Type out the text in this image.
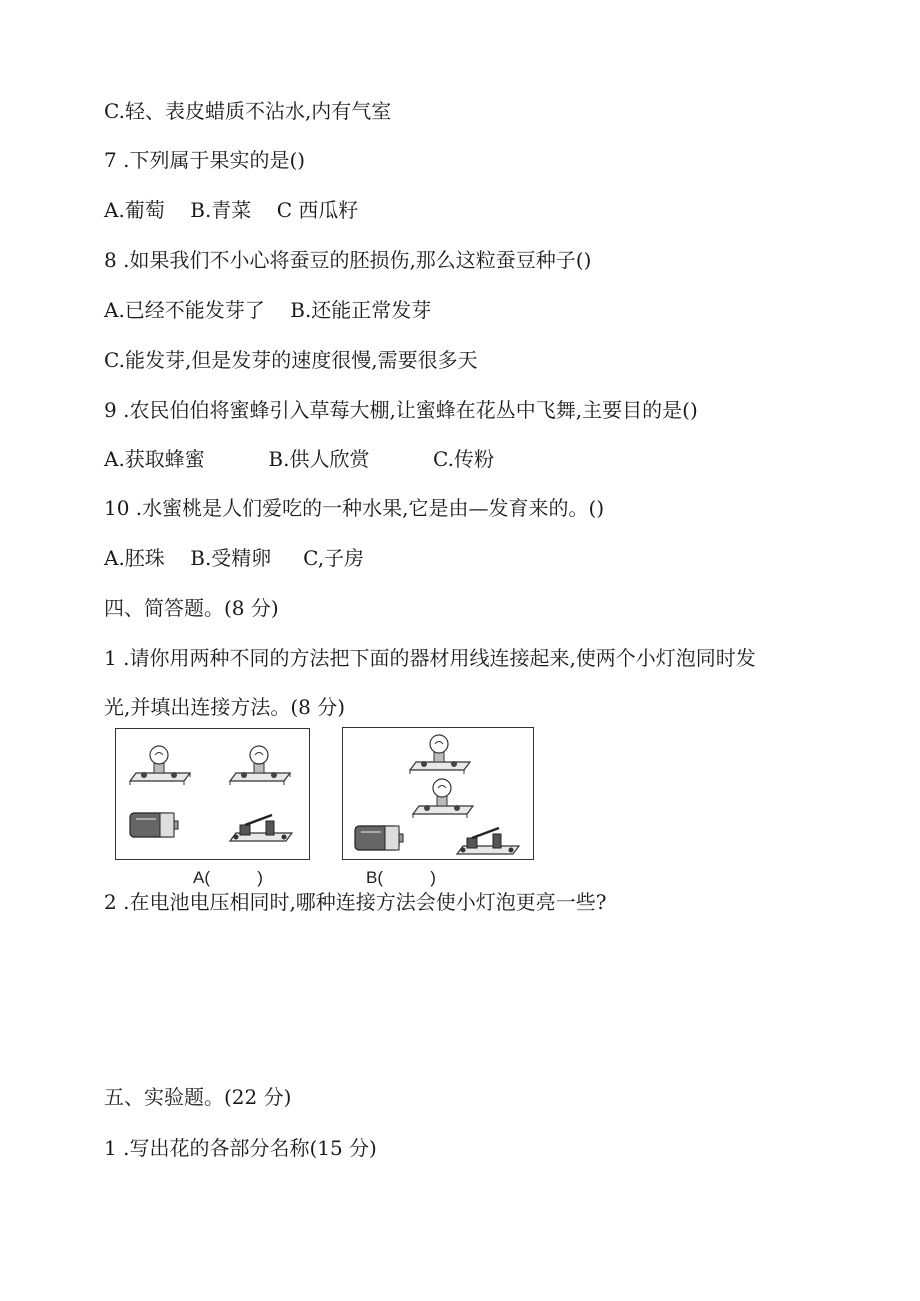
C.轻、表皮蜡质不沾水,内有气室

7 .下列属于果实的是()

A.葡萄 B.青菜 C 西瓜籽

8 .如果我们不小心将蚕豆的胚损伤,那么这粒蚕豆种子()

A.已经不能发芽了 B.还能正常发芽

C.能发芽,但是发芽的速度很慢,需要很多天

9 .农民伯伯将蜜蜂引入草莓大棚,让蜜蜂在花丛中飞舞,主要目的是()

A.获取蜂蜜	B.供人欣赏	C.传粉

10 .水蜜桃是人们爱吃的一种水果,它是由—发育来的。()

A.胚珠 B.受精卵 C,子房

四、简答题。(8 分)

1 .请你用两种不同的方法把下面的器材用线连接起来,使两个小灯泡同时发

光,并填出连接方法。(8 分)

A(          )	B(          )

2 .在电池电压相同时,哪种连接方法会使小灯泡更亮一些?

五、实验题。(22 分)

1 .写出花的各部分名称(15 分)
